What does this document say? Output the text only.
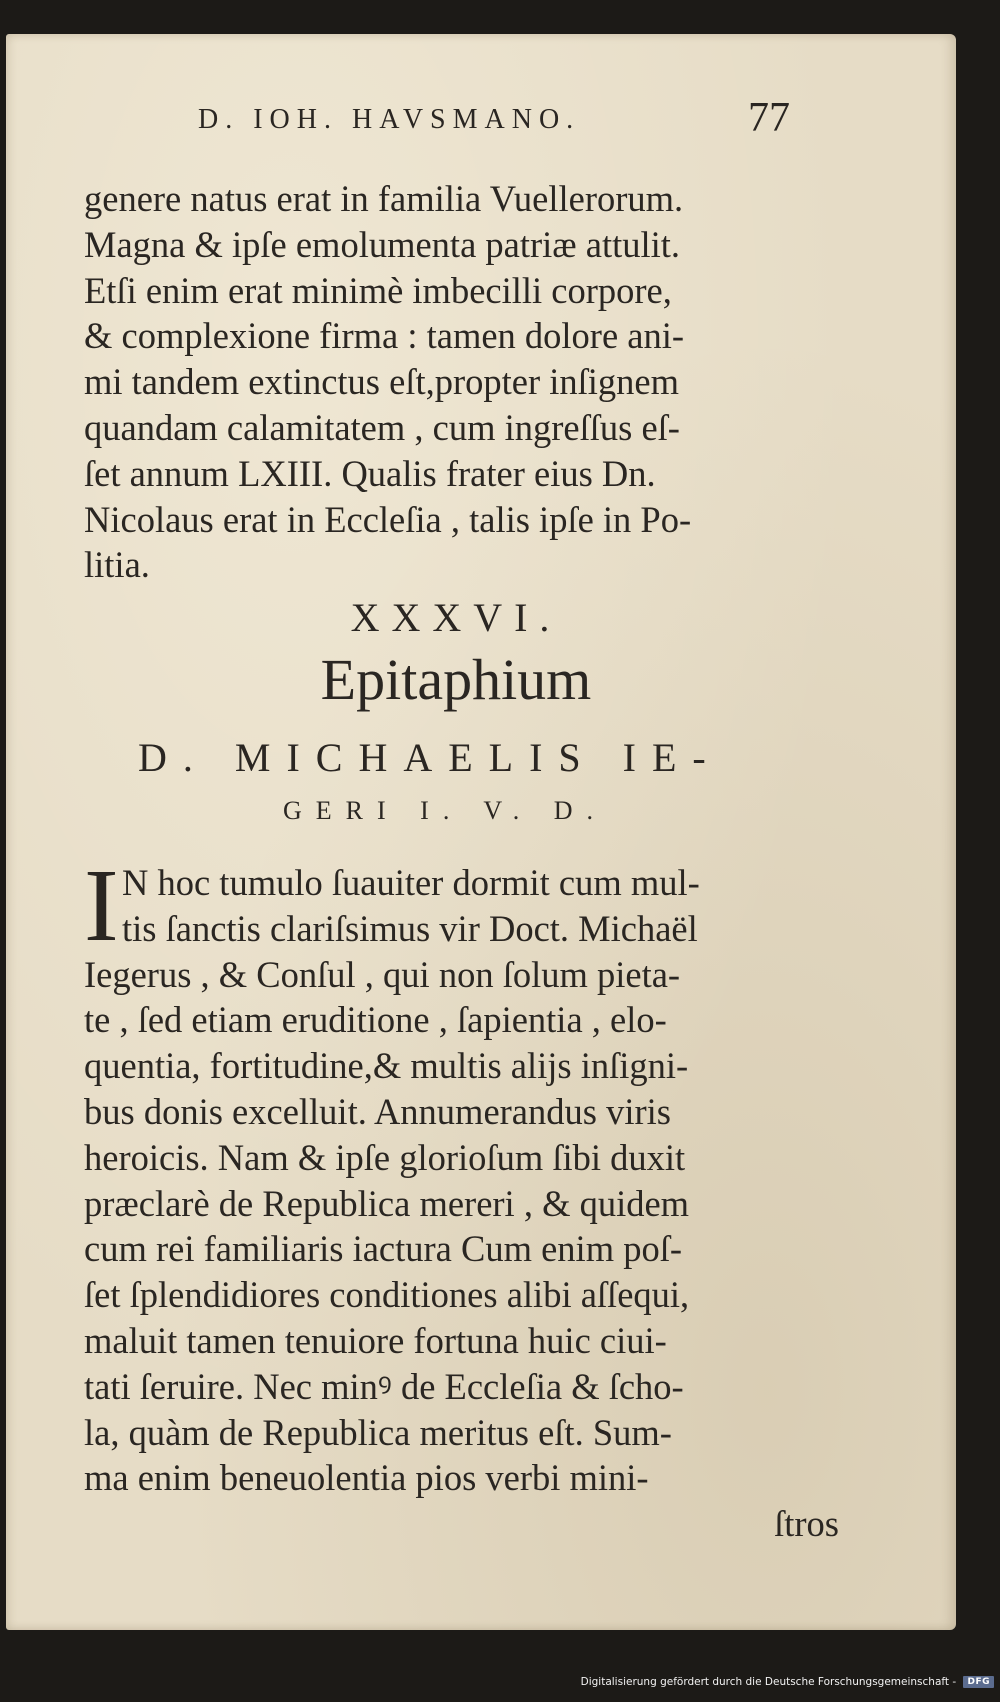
D. IOH. HAVSMANO.	77
genere natus erat in familia Vuellerorum.
Magna & ipſe emolumenta patriæ attulit.
Etſi enim erat minimè imbecilli corpore,
& complexione firma : tamen dolore ani-
mi tandem extinctus eſt,propter inſignem
quandam calamitatem , cum ingreſſus eſ-
ſet annum LXIII. Qualis frater eius Dn.
Nicolaus erat in Eccleſia , talis ipſe in Po-
litia.
XXXVI.
Epitaphium
D. MICHAELIS IE-
GERI I. V. D.
I N hoc tumulo ſuauiter dormit cum mul-
tis ſanctis clariſsimus vir Doct. Michaël
Iegerus , & Conſul , qui non ſolum pieta-
te , ſed etiam eruditione , ſapientia , elo-
quentia, fortitudine,& multis alijs inſigni-
bus donis excelluit. Annumerandus viris
heroicis. Nam & ipſe glorioſum ſibi duxit
præclarè de Republica mereri , & quidem
cum rei familiaris iactura Cum enim poſ-
ſet ſplendidiores conditiones alibi aſſequi,
maluit tamen tenuiore fortuna huic ciui-
tati ſeruire. Nec minꝰ de Eccleſia & ſcho-
la, quàm de Republica meritus eſt. Sum-
ma enim beneuolentia pios verbi mini-
ſtros
Digitalisierung gefördert durch die Deutsche Forschungsgemeinschaft - DFG
